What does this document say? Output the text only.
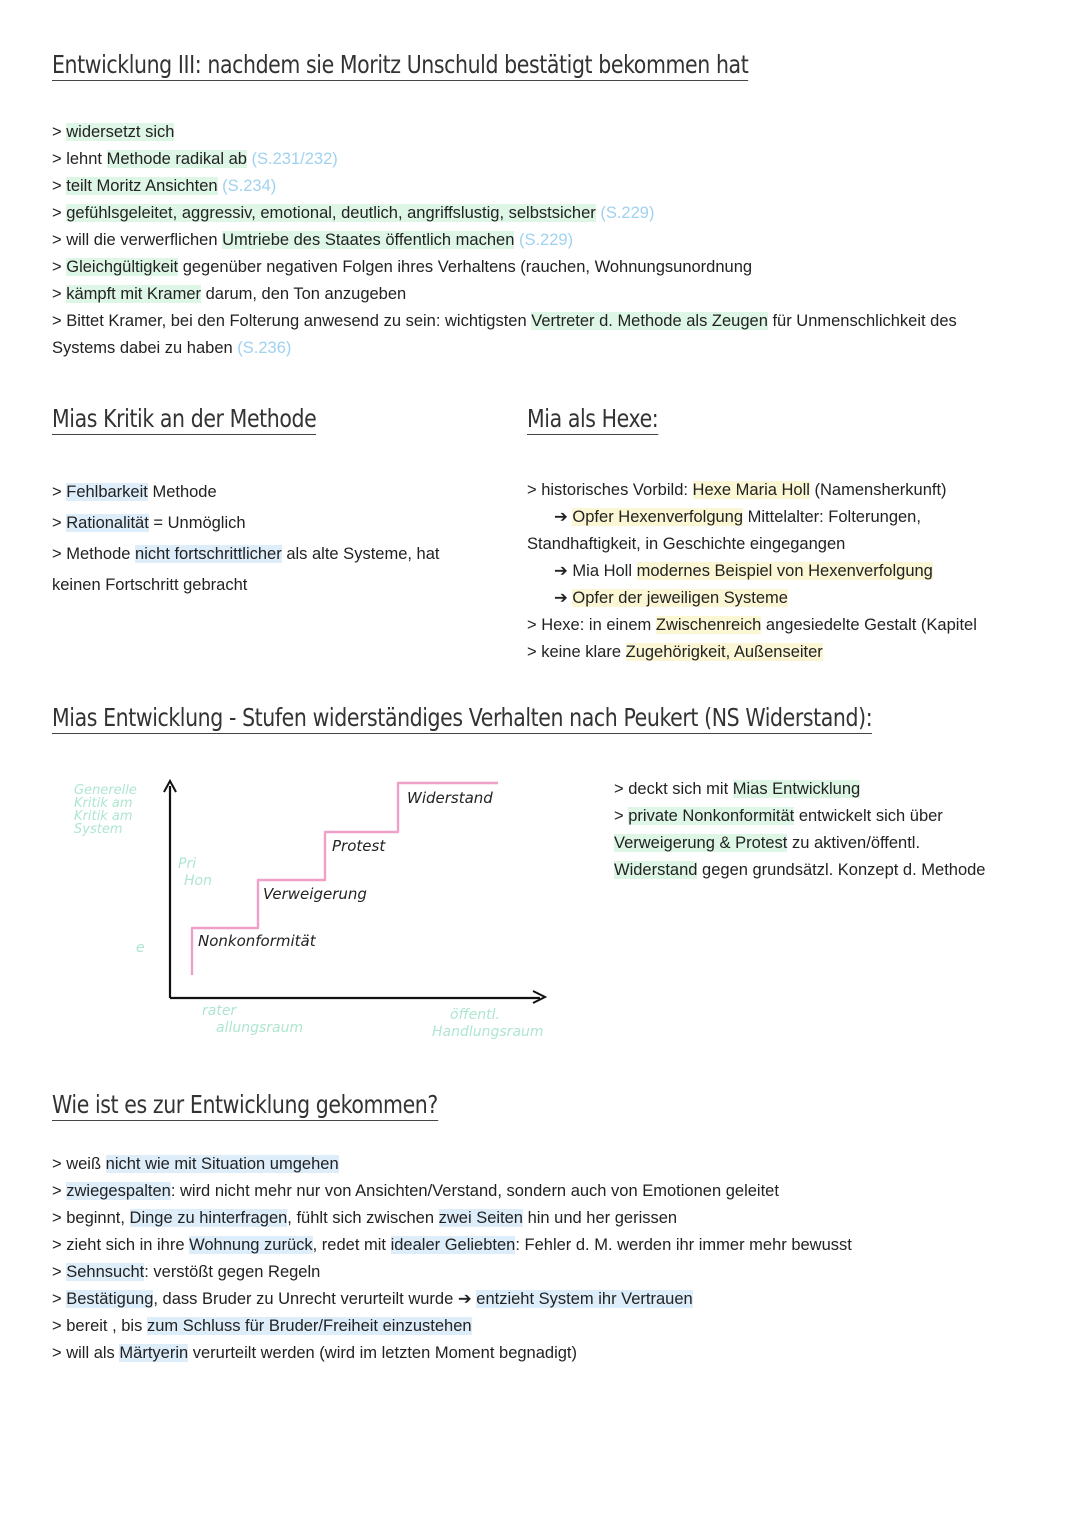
Entwicklung III: nachdem sie Moritz Unschuld bestätigt bekommen hat
> widersetzt sich
> lehnt Methode radikal ab (S.231/232)
> teilt Moritz Ansichten (S.234)
> gefühlsgeleitet, aggressiv, emotional, deutlich, angriffslustig, selbstsicher (S.229)
> will die verwerflichen Umtriebe des Staates öffentlich machen (S.229)
> Gleichgültigkeit gegenüber negativen Folgen ihres Verhaltens (rauchen, Wohnungsunordnung
> kämpft mit Kramer darum, den Ton anzugeben
> Bittet Kramer, bei den Folterung anwesend zu sein: wichtigsten Vertreter d. Methode als Zeugen für Unmenschlichkeit des
Systems dabei zu haben (S.236)
Mias Kritik an der Methode
> Fehlbarkeit Methode
> Rationalität = Unmöglich
> Methode nicht fortschrittlicher als alte Systeme, hat
keinen Fortschritt gebracht
Mia als Hexe:
> historisches Vorbild: Hexe Maria Holl (Namensherkunft)
➔ Opfer Hexenverfolgung Mittelalter: Folterungen,
Standhaftigkeit, in Geschichte eingegangen
➔ Mia Holl modernes Beispiel von Hexenverfolgung
➔ Opfer der jeweiligen Systeme
> Hexe: in einem Zwischenreich angesiedelte Gestalt (Kapitel
> keine klare Zugehörigkeit, Außenseiter
Mias Entwicklung - Stufen widerständiges Verhalten nach Peukert (NS Widerstand):
Nonkonformität
Verweigerung
Protest
Widerstand
Generelle
Kritik am
Kritik am
System
Pri
Hon
e
rater
allungsraum
öffentl.
Handlungsraum
> deckt sich mit Mias Entwicklung
> private Nonkonformität entwickelt sich über
Verweigerung & Protest zu aktiven/öffentl.
Widerstand gegen grundsätzl. Konzept d. Methode
Wie ist es zur Entwicklung gekommen?
> weiß nicht wie mit Situation umgehen
> zwiegespalten: wird nicht mehr nur von Ansichten/Verstand, sondern auch von Emotionen geleitet
> beginnt, Dinge zu hinterfragen, fühlt sich zwischen zwei Seiten hin und her gerissen
> zieht sich in ihre Wohnung zurück, redet mit idealer Geliebten: Fehler d. M. werden ihr immer mehr bewusst
> Sehnsucht: verstößt gegen Regeln
> Bestätigung, dass Bruder zu Unrecht verurteilt wurde ➔ entzieht System ihr Vertrauen
> bereit , bis zum Schluss für Bruder/Freiheit einzustehen
> will als Märtyerin verurteilt werden (wird im letzten Moment begnadigt)
